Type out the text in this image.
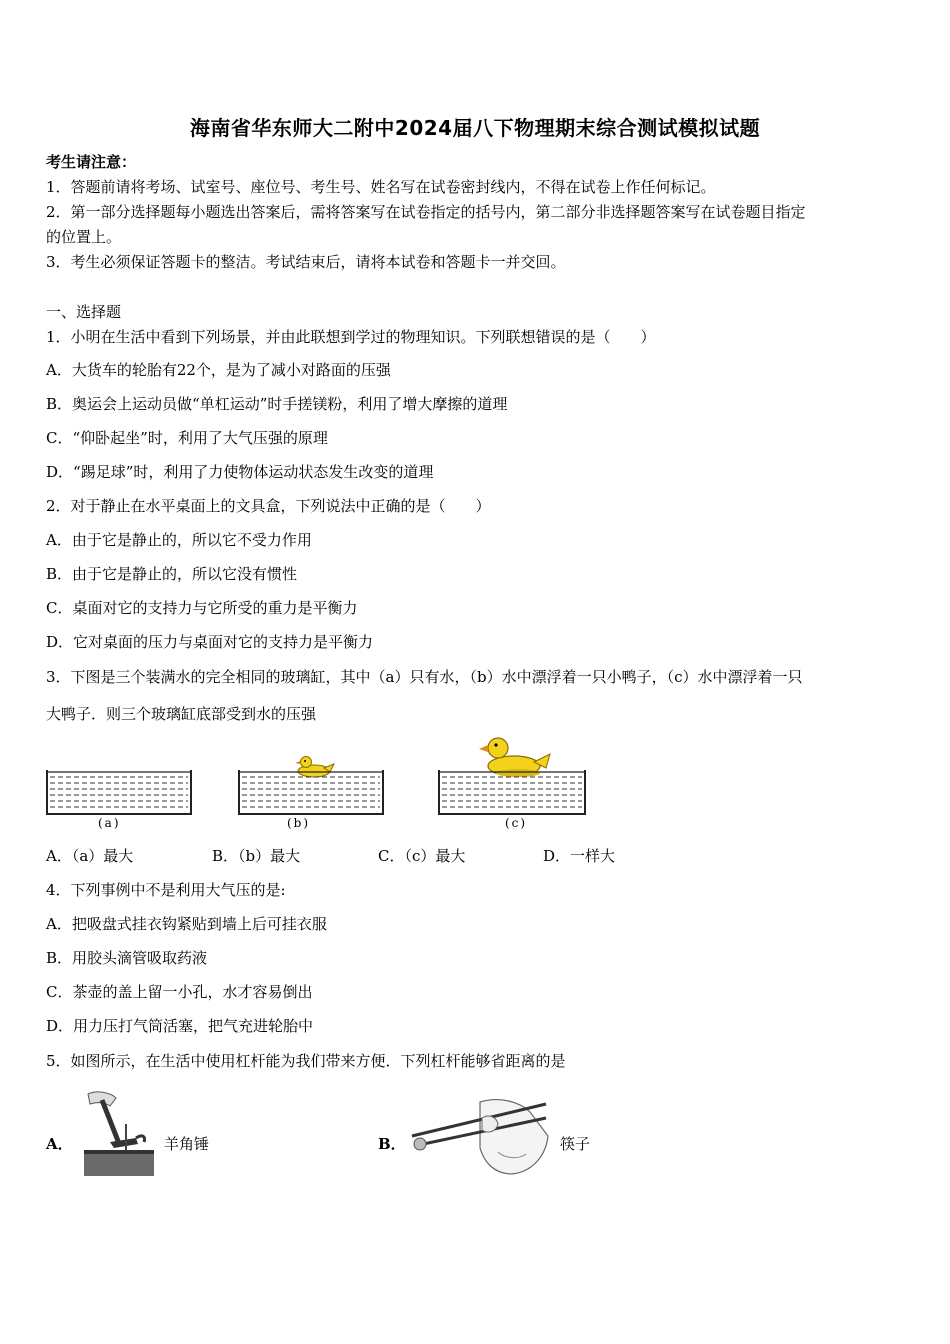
海南省华东师大二附中2024届八下物理期末综合测试模拟试题
考生请注意：
1．答题前请将考场、试室号、座位号、考生号、姓名写在试卷密封线内，不得在试卷上作任何标记。
2．第一部分选择题每小题选出答案后，需将答案写在试卷指定的括号内，第二部分非选择题答案写在试卷题目指定
的位置上。
3．考生必须保证答题卡的整洁。考试结束后，请将本试卷和答题卡一并交回。
一、选择题
1．小明在生活中看到下列场景，并由此联想到学过的物理知识。下列联想错误的是（　　）
A．大货车的轮胎有22个，是为了减小对路面的压强
B．奥运会上运动员做“单杠运动”时手搓镁粉，利用了增大摩擦的道理
C．“仰卧起坐”时，利用了大气压强的原理
D．“踢足球”时，利用了力使物体运动状态发生改变的道理
2．对于静止在水平桌面上的文具盒，下列说法中正确的是（　　）
A．由于它是静止的，所以它不受力作用
B．由于它是静止的，所以它没有惯性
C．桌面对它的支持力与它所受的重力是平衡力
D．它对桌面的压力与桌面对它的支持力是平衡力
3．下图是三个装满水的完全相同的玻璃缸，其中（a）只有水，（b）水中漂浮着一只小鸭子，（c）水中漂浮着一只
大鸭子．则三个玻璃缸底部受到水的压强
(a)	(b)	(c)
A．（a）最大	B．（b）最大	C．（c）最大	D．一样大
4．下列事例中不是利用大气压的是:
A．把吸盘式挂衣钩紧贴到墙上后可挂衣服
B．用胶头滴管吸取药液
C．茶壶的盖上留一小孔，水才容易倒出
D．用力压打气筒活塞，把气充进轮胎中
5．如图所示，在生活中使用杠杆能为我们带来方便．下列杠杆能够省距离的是
A．	羊角锤	B．	筷子
